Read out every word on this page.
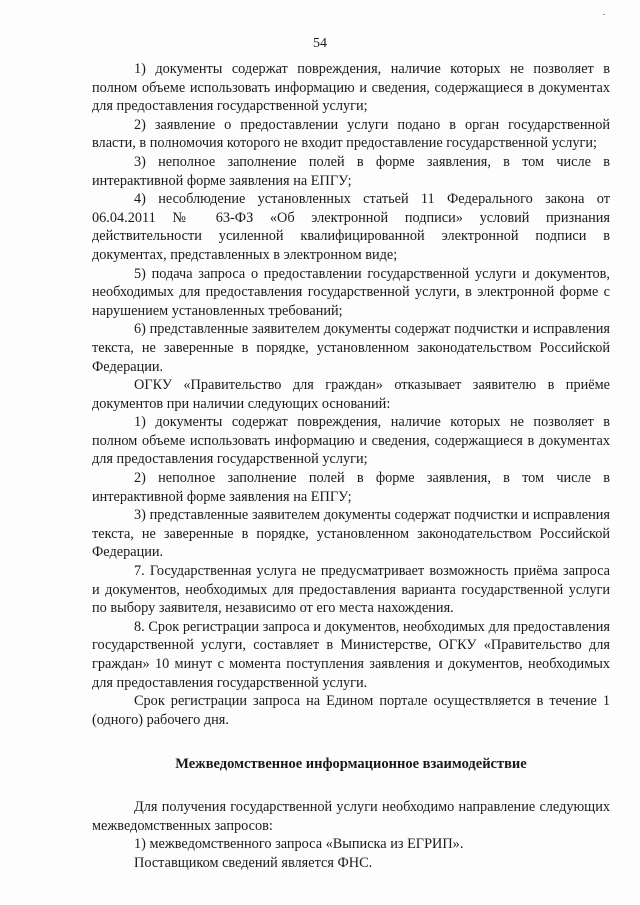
54

1) документы содержат повреждения, наличие которых не позволяет в полном объеме использовать информацию и сведения, содержащиеся в документах для предоставления государственной услуги;

2) заявление о предоставлении услуги подано в орган государственной власти, в полномочия которого не входит предоставление государственной услуги;

3) неполное заполнение полей в форме заявления, в том числе в интерактивной форме заявления на ЕПГУ;

4) несоблюдение установленных статьей 11 Федерального закона от 06.04.2011 № 63-ФЗ «Об электронной подписи» условий признания действительности усиленной квалифицированной электронной подписи в документах, представленных в электронном виде;

5) подача запроса о предоставлении государственной услуги и документов, необходимых для предоставления государственной услуги, в электронной форме с нарушением установленных требований;

6) представленные заявителем документы содержат подчистки и исправления текста, не заверенные в порядке, установленном законодательством Российской Федерации.

ОГКУ «Правительство для граждан» отказывает заявителю в приёме документов при наличии следующих оснований:

1) документы содержат повреждения, наличие которых не позволяет в полном объеме использовать информацию и сведения, содержащиеся в документах для предоставления государственной услуги;

2) неполное заполнение полей в форме заявления, в том числе в интерактивной форме заявления на ЕПГУ;

3) представленные заявителем документы содержат подчистки и исправления текста, не заверенные в порядке, установленном законодательством Российской Федерации.

7. Государственная услуга не предусматривает возможность приёма запроса и документов, необходимых для предоставления варианта государственной услуги по выбору заявителя, независимо от его места нахождения.

8. Срок регистрации запроса и документов, необходимых для предоставления государственной услуги, составляет в Министерстве, ОГКУ «Правительство для граждан» 10 минут с момента поступления заявления и документов, необходимых для предоставления государственной услуги.

Срок регистрации запроса на Едином портале осуществляется в течение 1 (одного) рабочего дня.

Межведомственное информационное взаимодействие

Для получения государственной услуги необходимо направление следующих межведомственных запросов:

1) межведомственного запроса «Выписка из ЕГРИП».

Поставщиком сведений является ФНС.
